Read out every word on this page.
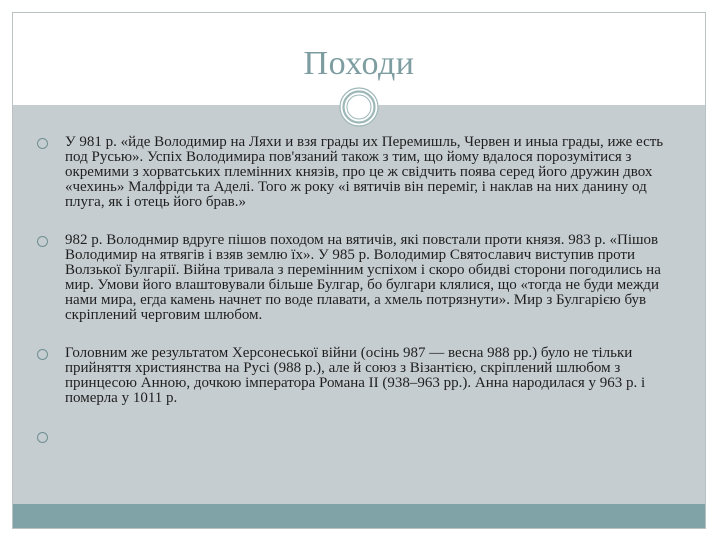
Походи
У 981 р. «йде Володимир на Ляхи и взя грады их Перемишль, Червен и иныа грады, иже есть под Русью». Успіх Володимира пов'язаний також з тим, що йому вдалося порозумітися з окремими з хорватських племінних князів, про це ж свідчить поява серед його дружин двох «чехинь» Малфріди та Аделі. Того ж року «і вятичів він переміг, і наклав на них данину од плуга, як і отець його брав.»
982 р. Володнмир вдруге пішов походом на вятичів, які повстали проти князя. 983 р. «Пішов Володимир на ятвягів і взяв землю їх». У 985 р. Володимир Святославич виступив проти Волзької Булгарії. Війна тривала з перемінним успіхом і скоро обидві сторони погодились на мир. Умови його влаштовували більше Булгар, бо булгари клялися, що «тогда не буди межди нами мира, егда камень начнет по воде плавати, а хмель потрязнути». Мир з Булгарією був скріплений черговим шлюбом.
Головним же результатом Херсонеської війни (осінь 987 — весна 988 рр.) було не тільки прийняття християнства на Русі (988 р.), але й союз з Візантією, скріплений шлюбом з принцесою Анною, дочкою імператора Романа II (938–963 рр.). Анна народилася у 963 р. і померла у 1011 р.
